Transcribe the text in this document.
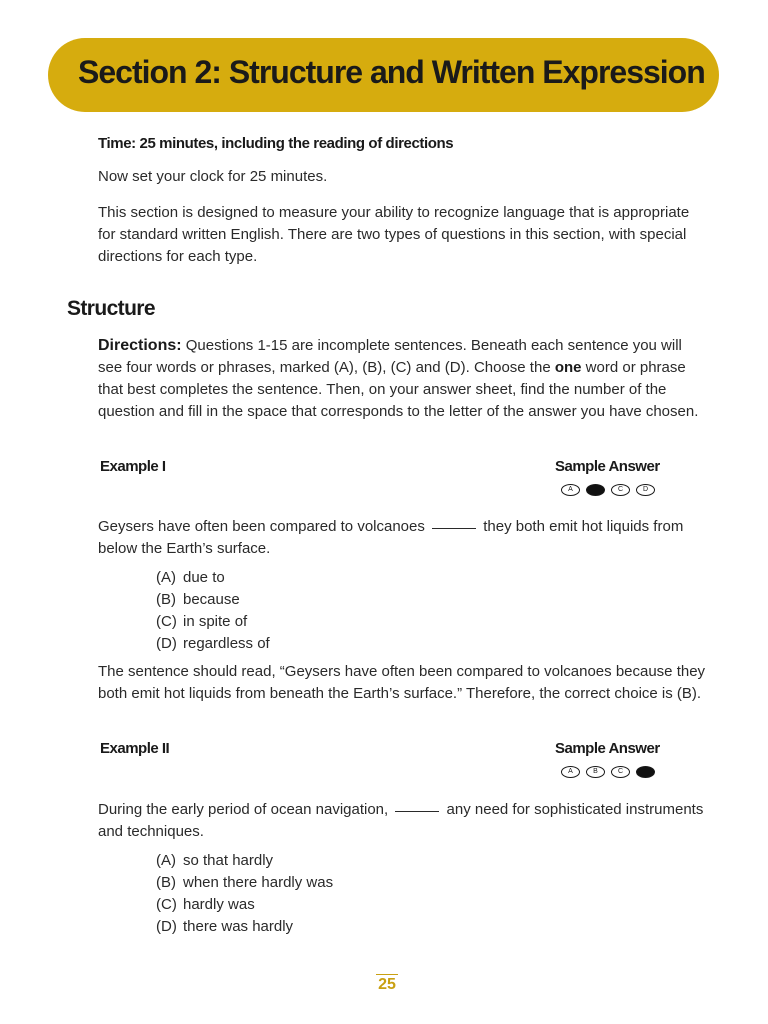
Section 2: Structure and Written Expression
Time: 25 minutes, including the reading of directions
Now set your clock for 25 minutes.
This section is designed to measure your ability to recognize language that is appropriate for standard written English. There are two types of questions in this section, with special directions for each type.
Structure
Directions: Questions 1-15 are incomplete sentences. Beneath each sentence you will see four words or phrases, marked (A), (B), (C) and (D). Choose the one word or phrase that best completes the sentence. Then, on your answer sheet, find the number of the question and fill in the space that corresponds to the letter of the answer you have chosen.
Example I	Sample Answer
A	C	D
Geysers have often been compared to volcanoes	they both emit hot liquids from below the Earth’s surface.
(A) due to
(B) because
(C) in spite of
(D) regardless of
The sentence should read, “Geysers have often been compared to volcanoes because they both emit hot liquids from beneath the Earth’s surface.” Therefore, the correct choice is (B).
Example II	Sample Answer
A	B	C
During the early period of ocean navigation,	any need for sophisticated instruments and techniques.
(A) so that hardly
(B) when there hardly was
(C) hardly was
(D) there was hardly
25
